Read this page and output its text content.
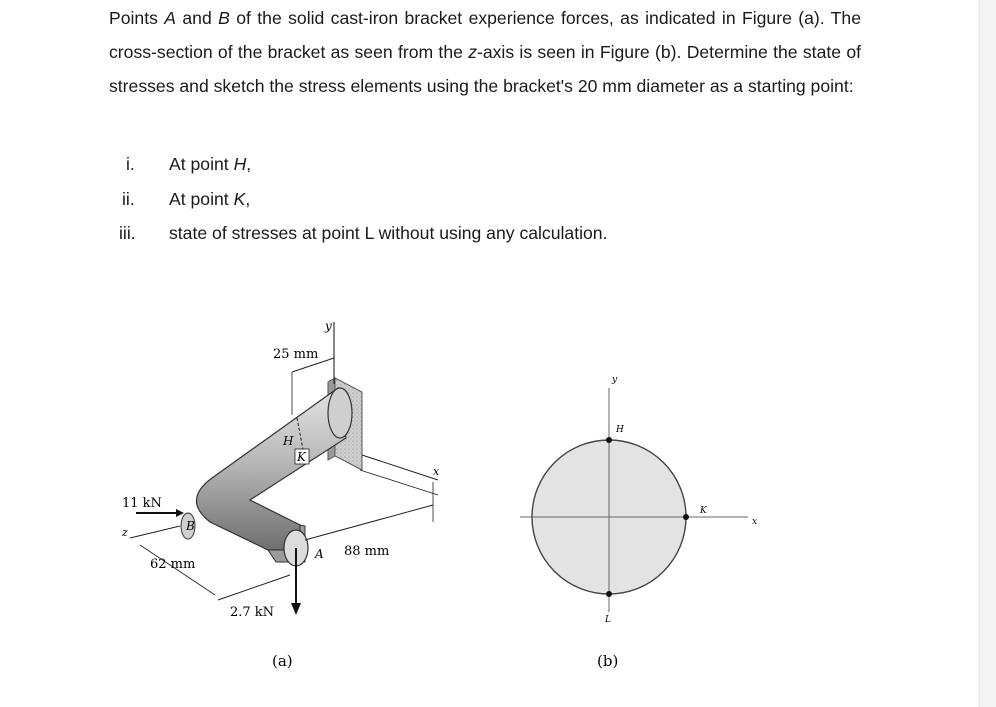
Points A and B of the solid cast-iron bracket experience forces, as indicated in Figure (a). The cross-section of the bracket as seen from the z-axis is seen in Figure (b). Determine the state of stresses and sketch the stress elements using the bracket's 20 mm diameter as a starting point:

i.	At point H,
ii.	At point K,
iii.	state of stresses at point L without using any calculation.
25 mm
y
x
z
H
K
A
B
11 kN
88 mm
62 mm
2.7 kN
(a)
y
x
H
K
L
(b)
